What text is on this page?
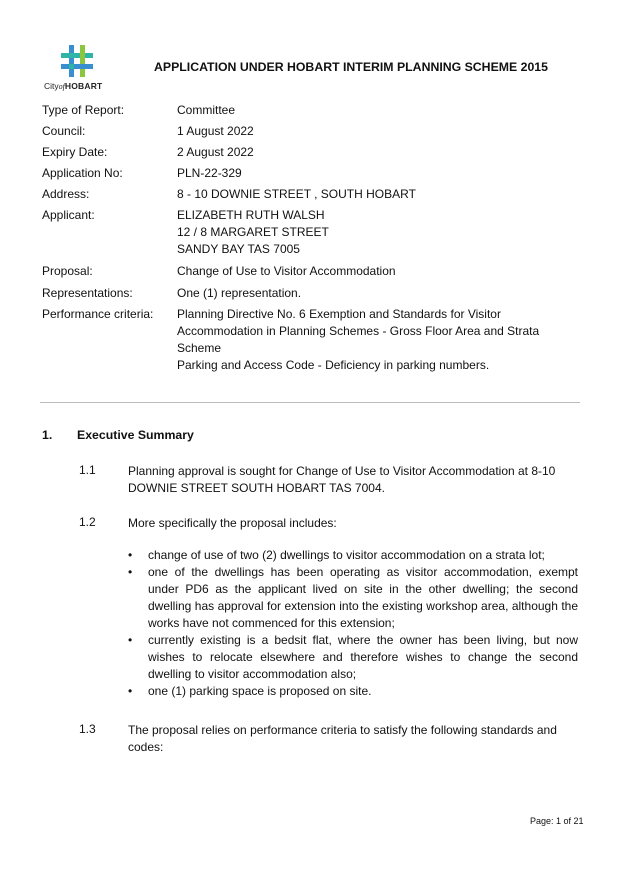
CityofHOBART
APPLICATION UNDER HOBART INTERIM PLANNING SCHEME 2015
Type of Report:	Committee
Council:	1 August 2022
Expiry Date:	2 August 2022
Application No:	PLN-22-329
Address:	8 - 10 DOWNIE STREET , SOUTH HOBART
Applicant:	ELIZABETH RUTH WALSH
12 / 8 MARGARET STREET
SANDY BAY TAS 7005
Proposal:	Change of Use to Visitor Accommodation
Representations:	One (1) representation.
Performance criteria: Planning Directive No. 6 Exemption and Standards for Visitor Accommodation in Planning Schemes - Gross Floor Area and Strata Scheme
Parking and Access Code - Deficiency in parking numbers.
1. Executive Summary
1.1	Planning approval is sought for Change of Use to Visitor Accommodation at 8-10 DOWNIE STREET SOUTH HOBART TAS 7004.
1.2	More specifically the proposal includes:
• change of use of two (2) dwellings to visitor accommodation on a strata lot;
• one of the dwellings has been operating as visitor accommodation, exempt under PD6 as the applicant lived on site in the other dwelling; the second dwelling has approval for extension into the existing workshop area, although the works have not commenced for this extension;
• currently existing is a bedsit flat, where the owner has been living, but now wishes to relocate elsewhere and therefore wishes to change the second dwelling to visitor accommodation also;
• one (1) parking space is proposed on site.
1.3	The proposal relies on performance criteria to satisfy the following standards and codes:
Page: 1 of 21
